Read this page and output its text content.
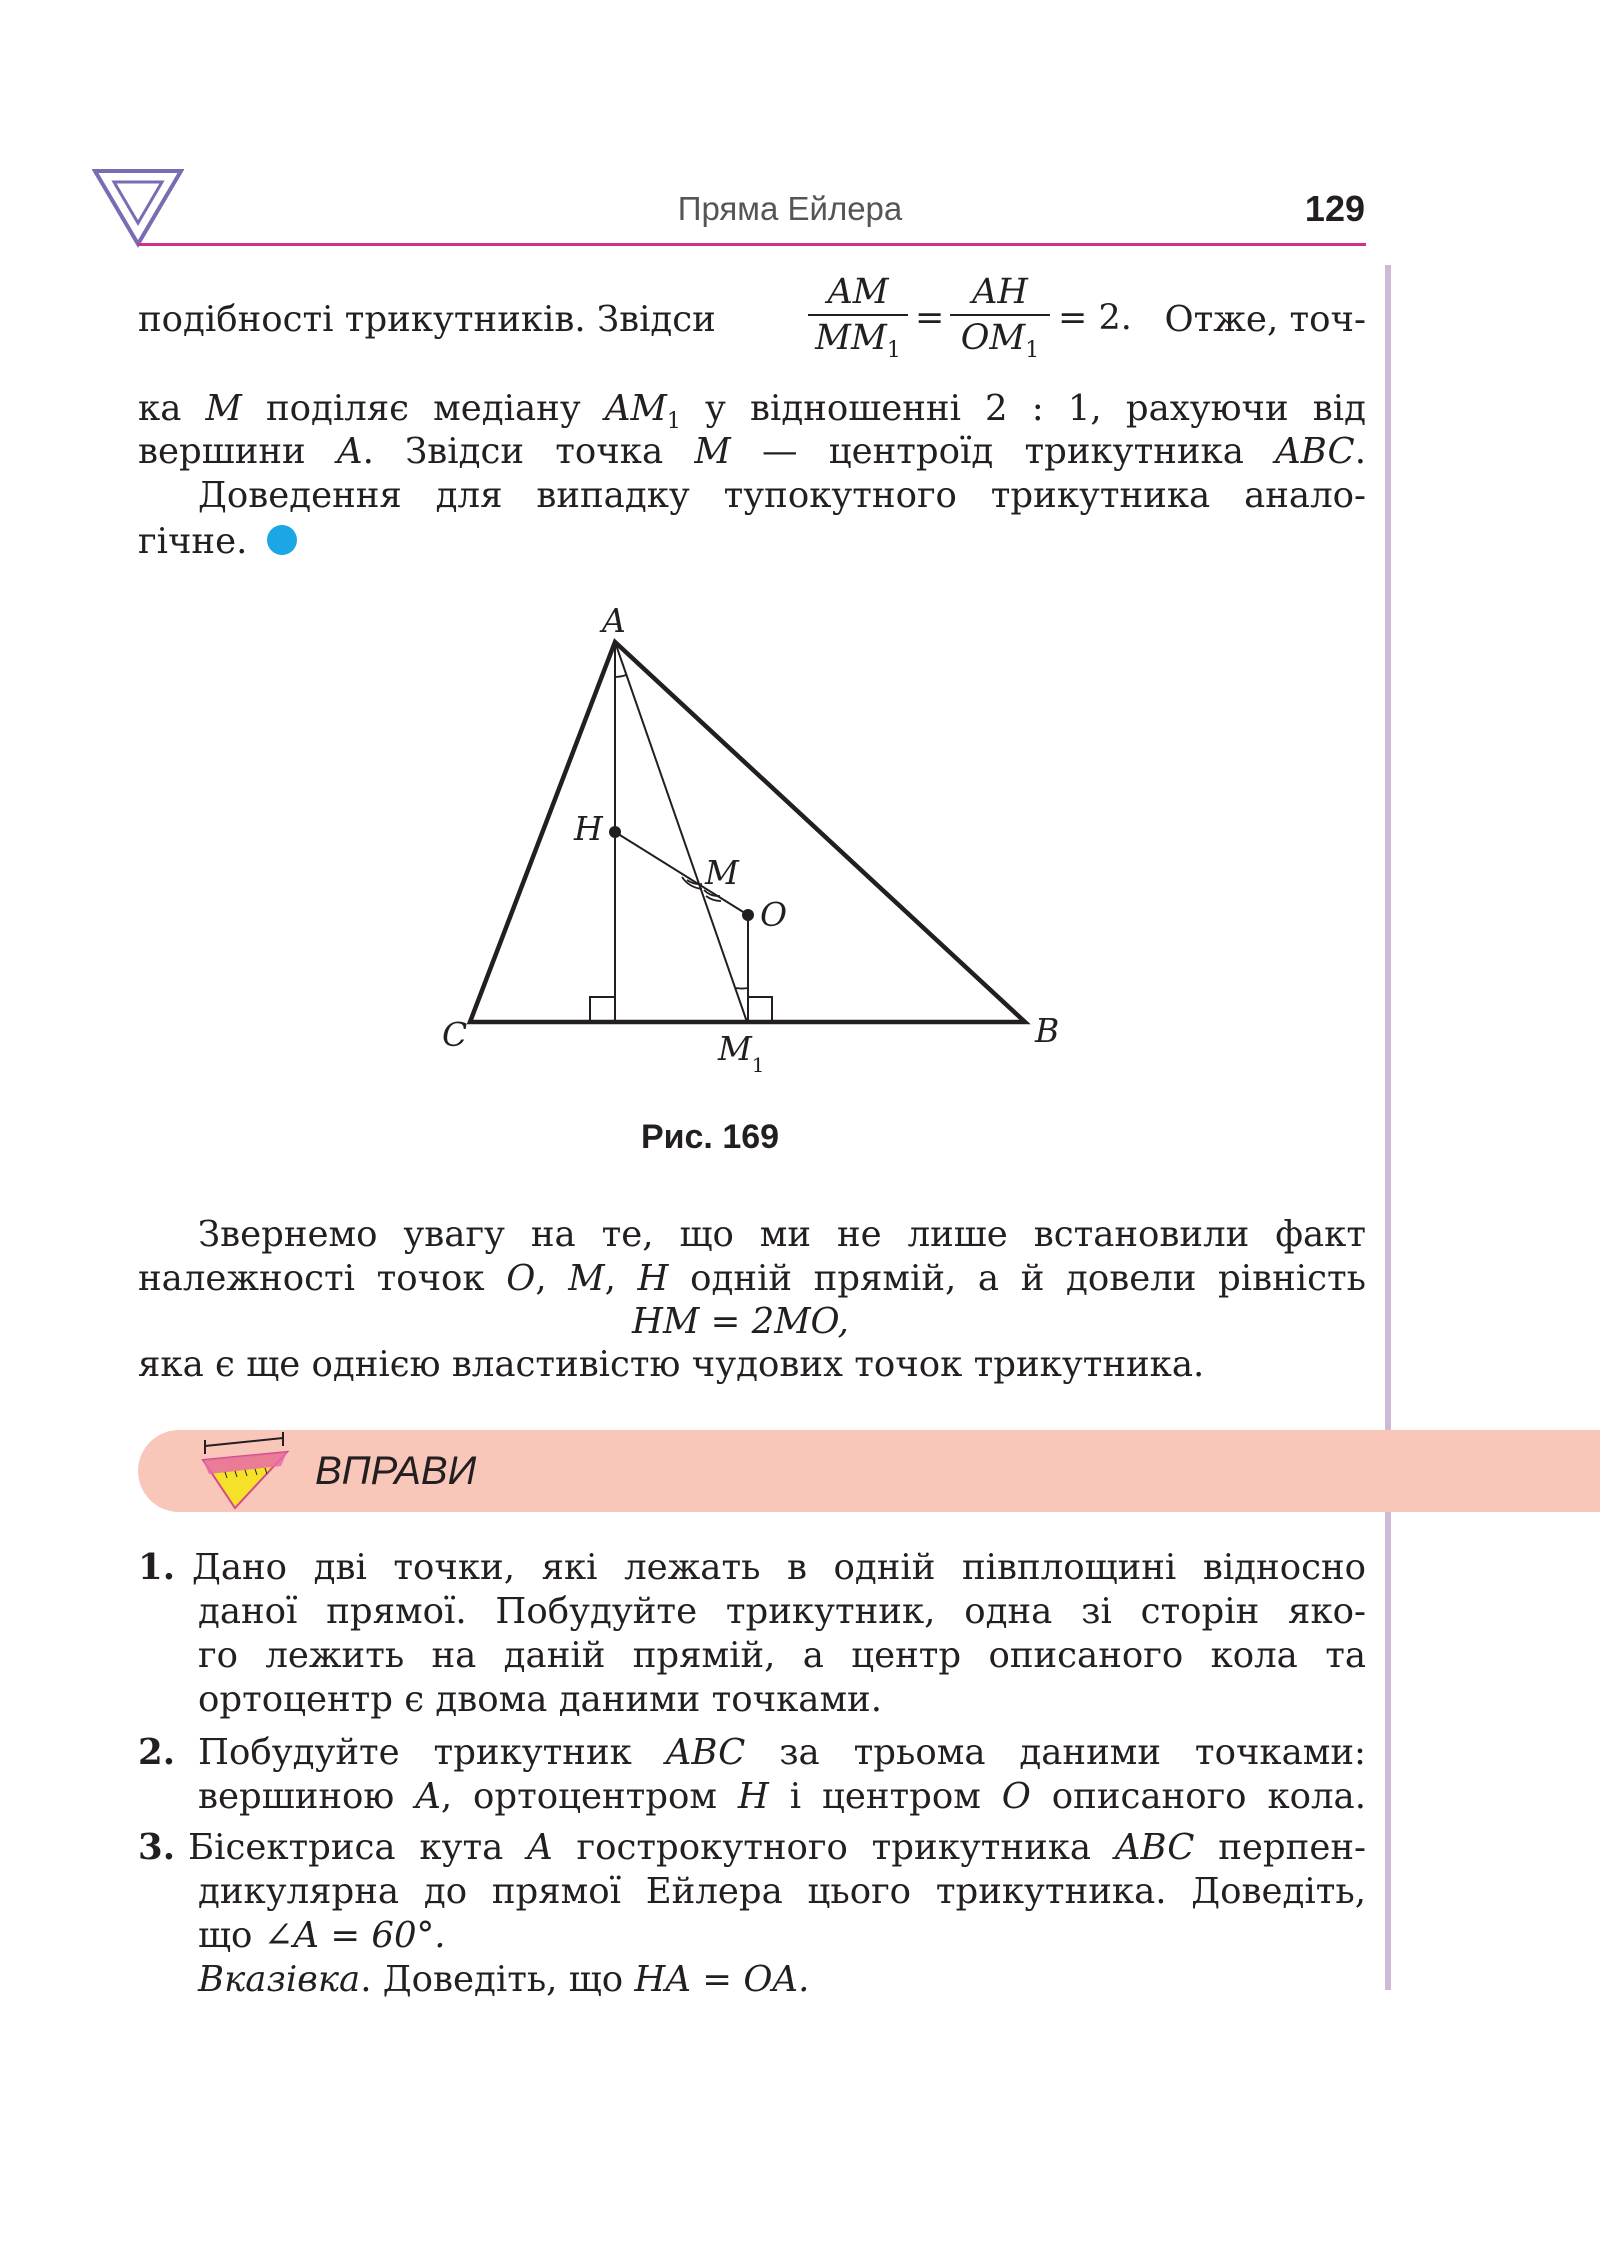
Пряма Ейлера	129
подібності трикутників. Звідси
AM
$MM_1$
=
AH
$OM_1$
= 2. Отже, точ-
ка M поділяє медіану $AM_1$ у відношенні 2 : 1, рахуючи від
вершини A. Звідси точка M — центроїд трикутника ABC.
Доведення для випадку тупокутного трикутника анало-
гічне.
A
B
C
H
M
O
$M_1$
Рис. 169
Звернемо увагу на те, що ми не лише встановили факт
належності точок O, M, H одній прямій, а й довели рівність
HM = 2MO,
яка є ще однією властивістю чудових точок трикутника.
ВПРАВИ
1. Дано дві точки, які лежать в одній півплощині відносно
даної прямої. Побудуйте трикутник, одна зі сторін яко-
го лежить на даній прямій, а центр описаного кола та
ортоцентр є двома даними точками.
2. Побудуйте трикутник ABC за трьома даними точками:
вершиною A, ортоцентром H і центром O описаного кола.
3. Бісектриса кута A гострокутного трикутника ABC перпен-
дикулярна до прямої Ейлера цього трикутника. Доведіть,
що ∠A = 60°.
Вказівка. Доведіть, що HA = OA.
